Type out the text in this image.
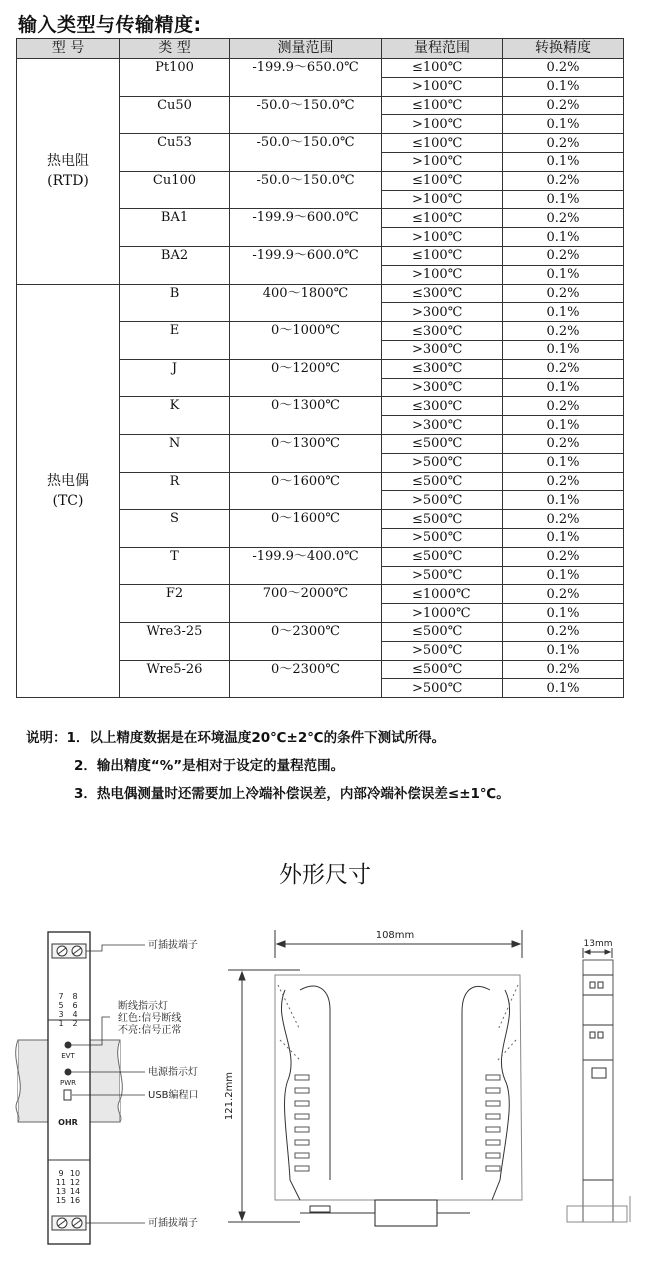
输入类型与传输精度:
型 号	类 型	测量范围	量程范围	转换精度

热电阻
(RTD)	Pt100	-199.9～650.0℃	≤100℃	0.2%
			>100℃	0.1%
	Cu50	-50.0～150.0℃	≤100℃	0.2%
			>100℃	0.1%
	Cu53	-50.0～150.0℃	≤100℃	0.2%
			>100℃	0.1%
	Cu100	-50.0～150.0℃	≤100℃	0.2%
			>100℃	0.1%
	BA1	-199.9～600.0℃	≤100℃	0.2%
			>100℃	0.1%
	BA2	-199.9～600.0℃	≤100℃	0.2%
			>100℃	0.1%

热电偶
(TC)	B	400～1800℃	≤300℃	0.2%
			>300℃	0.1%
	E	0～1000℃	≤300℃	0.2%
			>300℃	0.1%
	J	0～1200℃	≤300℃	0.2%
			>300℃	0.1%
	K	0～1300℃	≤300℃	0.2%
			>300℃	0.1%
	N	0～1300℃	≤500℃	0.2%
			>500℃	0.1%
	R	0～1600℃	≤500℃	0.2%
			>500℃	0.1%
	S	0～1600℃	≤500℃	0.2%
			>500℃	0.1%
	T	-199.9～400.0℃	≤500℃	0.2%
			>500℃	0.1%
	F2	700～2000℃	≤1000℃	0.2%
			>1000℃	0.1%
	Wre3-25	0～2300℃	≤500℃	0.2%
			>500℃	0.1%
	Wre5-26	0～2300℃	≤500℃	0.2%
			>500℃	0.1%
说明：1．以上精度数据是在环境温度20℃±2℃的条件下测试所得。
2．输出精度“%”是相对于设定的量程范围。
3．热电偶测量时还需要加上冷端补偿误差，内部冷端补偿误差≤±1℃。
外形尺寸
7 8
5 6
3 4
1 2
9 10
11 12
13 14
15 16
EVT
PWR
OHR
可插拔端子
断线指示灯
红色:信号断线
不亮:信号正常
电源指示灯
USB编程口
可插拔端子
108mm
121.2mm
13mm
